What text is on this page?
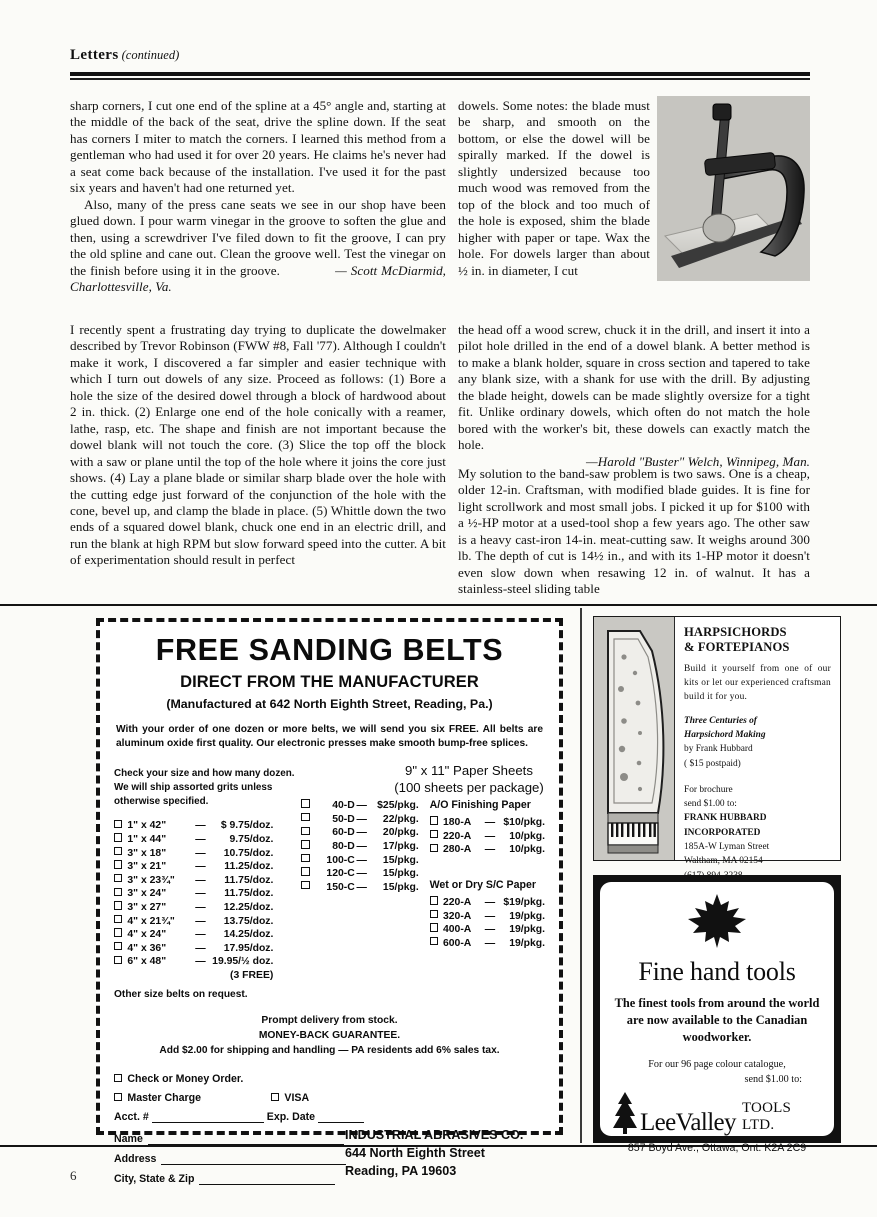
Letters (continued)

sharp corners, I cut one end of the spline at a 45° angle and, starting at the middle of the back of the seat, drive the spline down. If the seat has corners I miter to match the corners. I learned this method from a gentleman who had used it for over 20 years. He claims he's never had a seat come back because of the installation. I've used it for the past six years and haven't had one returned yet.

Also, many of the press cane seats we see in our shop have been glued down. I pour warm vinegar in the groove to soften the glue and then, using a screwdriver I've filed down to fit the groove, I can pry the old spline and cane out. Clean the groove well. Test the vinegar on the finish before using it in the groove.	— Scott McDiarmid, Charlottesville, Va.

I recently spent a frustrating day trying to duplicate the dowelmaker described by Trevor Robinson (FWW #8, Fall '77). Although I couldn't make it work, I discovered a far simpler and easier technique with which I turn out dowels of any size. Proceed as follows: (1) Bore a hole the size of the desired dowel through a block of hardwood about 2 in. thick. (2) Enlarge one end of the hole conically with a reamer, lathe, rasp, etc. The shape and finish are not important because the dowel blank will not touch the core. (3) Slice the top off the block with a saw or plane until the top of the hole where it joins the core just shows. (4) Lay a plane blade or similar sharp blade over the hole with the cutting edge just forward of the conjunction of the hole with the cone, bevel up, and clamp the blade in place. (5) Whittle down the two ends of a squared dowel blank, chuck one end in an electric drill, and run the blank at high RPM but slow forward speed into the cutter. A bit of experimentation should result in perfect

dowels. Some notes: the blade must be sharp, and smooth on the bottom, or else the dowel will be spirally marked. If the dowel is slightly undersized because too much wood was removed from the top of the block and too much of the hole is exposed, shim the blade higher with paper or tape. Wax the hole. For dowels larger than about ½ in. in diameter, I cut

the head off a wood screw, chuck it in the drill, and insert it into a pilot hole drilled in the end of a dowel blank. A better method is to make a blank holder, square in cross section and tapered to take any blank size, with a shank for use with the drill. By adjusting the blade height, dowels can be made slightly oversize for a tight fit. Unlike ordinary dowels, which often do not match the hole bored with the worker's bit, these dowels can exactly match the hole.

—Harold "Buster" Welch, Winnipeg, Man.

My solution to the band-saw problem is two saws. One is a cheap, older 12-in. Craftsman, with modified blade guides. It is fine for light scrollwork and most small jobs. I picked it up for $100 with a ½-HP motor at a used-tool shop a few years ago. The other saw is a heavy cast-iron 14-in. meat-cutting saw. It weighs around 300 lb. The depth of cut is 14½ in., and with its 1-HP motor it doesn't even slow down when resawing 12 in. of walnut. It has a stainless-steel sliding table

FREE SANDING BELTS
DIRECT FROM THE MANUFACTURER
(Manufactured at 642 North Eighth Street, Reading, Pa.)
With your order of one dozen or more belts, we will send you six FREE. All belts are aluminum oxide first quality. Our electronic presses make smooth bump-free splices.
Check your size and how many dozen. We will ship assorted grits unless otherwise specified.
1" x 42"	—	$ 9.75/doz.
1" x 44"	—	9.75/doz.
3" x 18"	—	10.75/doz.
3" x 21"	—	11.25/doz.
3" x 23¾"	—	11.75/doz.
3" x 24"	—	11.75/doz.
3" x 27"	—	12.25/doz.
4" x 21¾"	—	13.75/doz.
4" x 24"	—	14.25/doz.
4" x 36"	—	17.95/doz.
6" x 48"	— 19.95/½ doz.
(3 FREE)
Other size belts on request.
40-D — $25/pkg.
50-D —	22/pkg.
60-D —	20/pkg.
80-D —	17/pkg.
100-C —	15/pkg.
120-C —	15/pkg.
150-C —	15/pkg.
A/O Finishing Paper
180-A	— $10/pkg.
220-A	—	10/pkg.
280-A	—	10/pkg.
Wet or Dry S/C Paper
220-A	— $19/pkg.
320-A	—	19/pkg.
400-A	—	19/pkg.
600-A	—	19/pkg.
9" x 11" Paper Sheets
(100 sheets per package)
Prompt delivery from stock.
MONEY-BACK GUARANTEE.
Add $2.00 for shipping and handling — PA residents add 6% sales tax.
Check or Money Order.
Master Charge	VISA
Acct. #	Exp. Date
Name
Address
City, State & Zip
INDUSTRIAL ABRASIVES CO.
644 North Eighth Street
Reading, PA 19603
HARPSICHORDS
& FORTEPIANOS

Build it yourself from one of our kits or let our experienced craftsman build it for you.

Three Centuries of
Harpsichord Making
by Frank Hubbard
( $15 postpaid)
For brochure
send $1.00 to:
FRANK HUBBARD
INCORPORATED
185A-W Lyman Street
Waltham, MA 02154
Fine hand tools
The finest tools from around the world are now available to the Canadian woodworker.
For our 96 page colour catalogue,
send $1.00 to:
LeeValley
TOOLS LTD.
857 Boyd Ave., Ottawa, Ont. K2A 2C9
6
